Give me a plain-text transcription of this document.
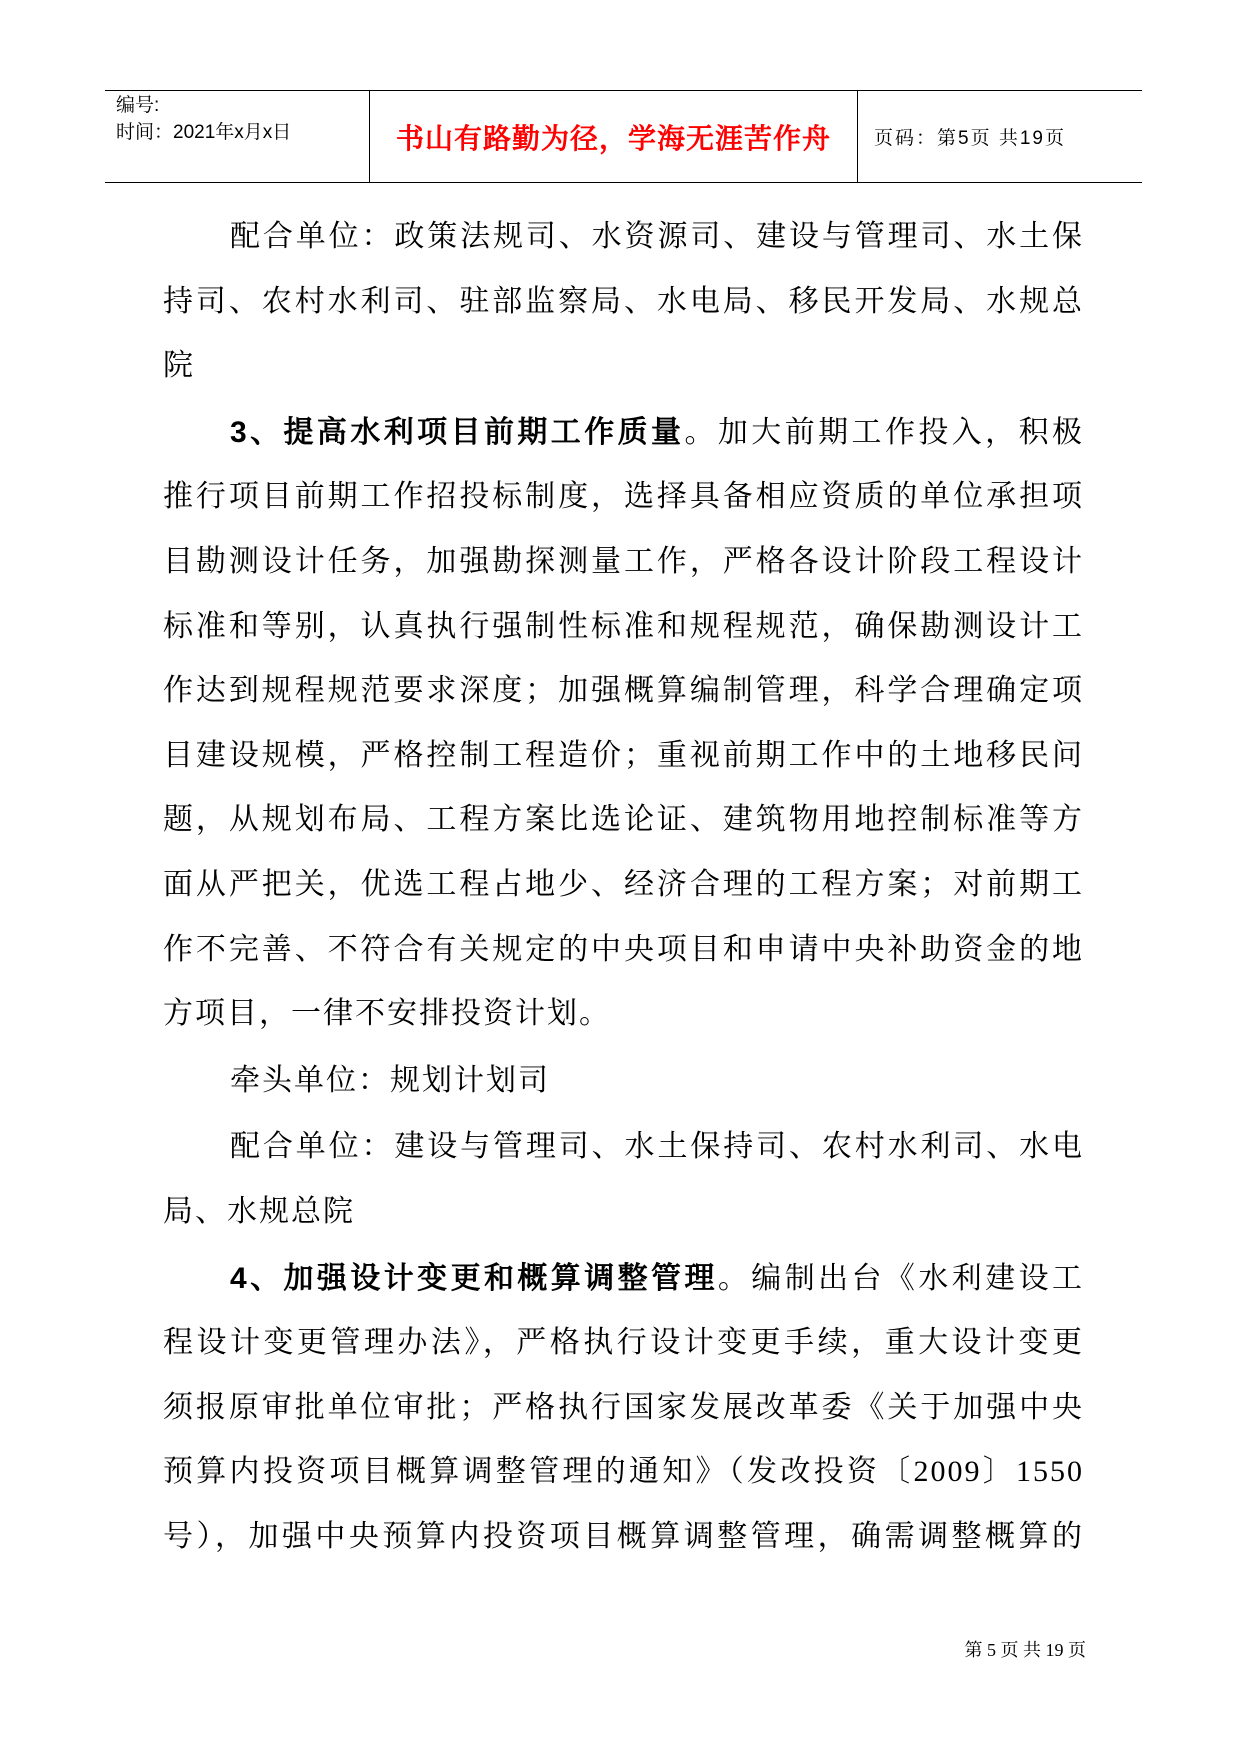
编号:
时间：2021年x月x日	书山有路勤为径，学海无涯苦作舟 页码：第5页 共19页
配合单位：政策法规司、水资源司、建设与管理司、水土保
持司、农村水利司、驻部监察局、水电局、移民开发局、水规总
院
3、提高水利项目前期工作质量。加大前期工作投入，积极
推行项目前期工作招投标制度，选择具备相应资质的单位承担项
目勘测设计任务，加强勘探测量工作，严格各设计阶段工程设计
标准和等别，认真执行强制性标准和规程规范，确保勘测设计工
作达到规程规范要求深度；加强概算编制管理，科学合理确定项
目建设规模，严格控制工程造价；重视前期工作中的土地移民问
题，从规划布局、工程方案比选论证、建筑物用地控制标准等方
面从严把关，优选工程占地少、经济合理的工程方案；对前期工
作不完善、不符合有关规定的中央项目和申请中央补助资金的地
方项目，一律不安排投资计划。
牵头单位：规划计划司
配合单位：建设与管理司、水土保持司、农村水利司、水电
局、水规总院
4、加强设计变更和概算调整管理。编制出台《水利建设工
程设计变更管理办法》，严格执行设计变更手续，重大设计变更
须报原审批单位审批；严格执行国家发展改革委《关于加强中央
预算内投资项目概算调整管理的通知》（发改投资〔2009〕1550
号），加强中央预算内投资项目概算调整管理，确需调整概算的
第 5 页 共 19 页
